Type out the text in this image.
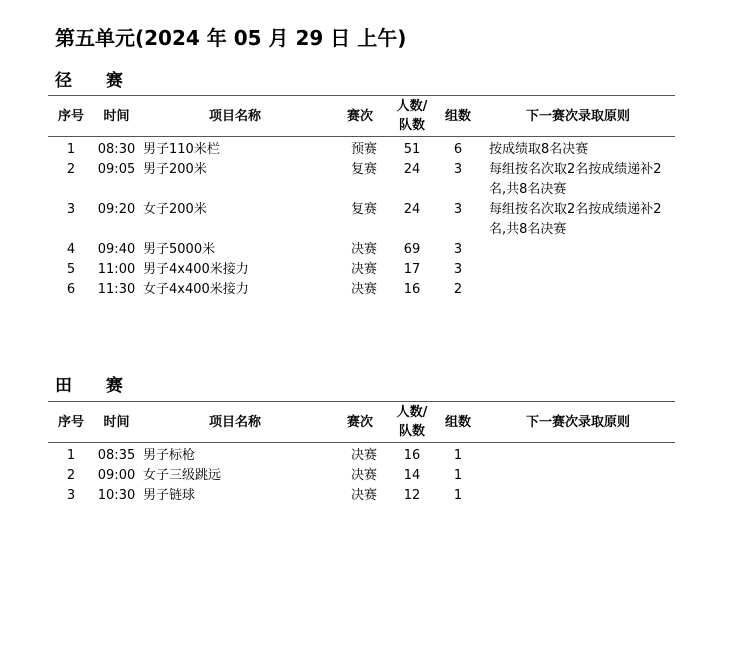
第五单元(2024 年 05 月 29 日 上午)
径 赛
序号	时间	项目名称	赛次	人数/
队数	组数	下一赛次录取原则
1	08:30	男子110米栏	预赛	51	6	按成绩取8名决赛
2	09:05	男子200米	复赛	24	3	每组按名次取2名按成绩递补2名,共8名决赛
3	09:20	女子200米	复赛	24	3	每组按名次取2名按成绩递补2名,共8名决赛
4	09:40	男子5000米	决赛	69	3	
5	11:00	男子4x400米接力	决赛	17	3	
6	11:30	女子4x400米接力	决赛	16	2	
田 赛
序号	时间	项目名称	赛次	人数/
队数	组数	下一赛次录取原则
1	08:35	男子标枪	决赛	16	1	
2	09:00	女子三级跳远	决赛	14	1	
3	10:30	男子链球	决赛	12	1	
